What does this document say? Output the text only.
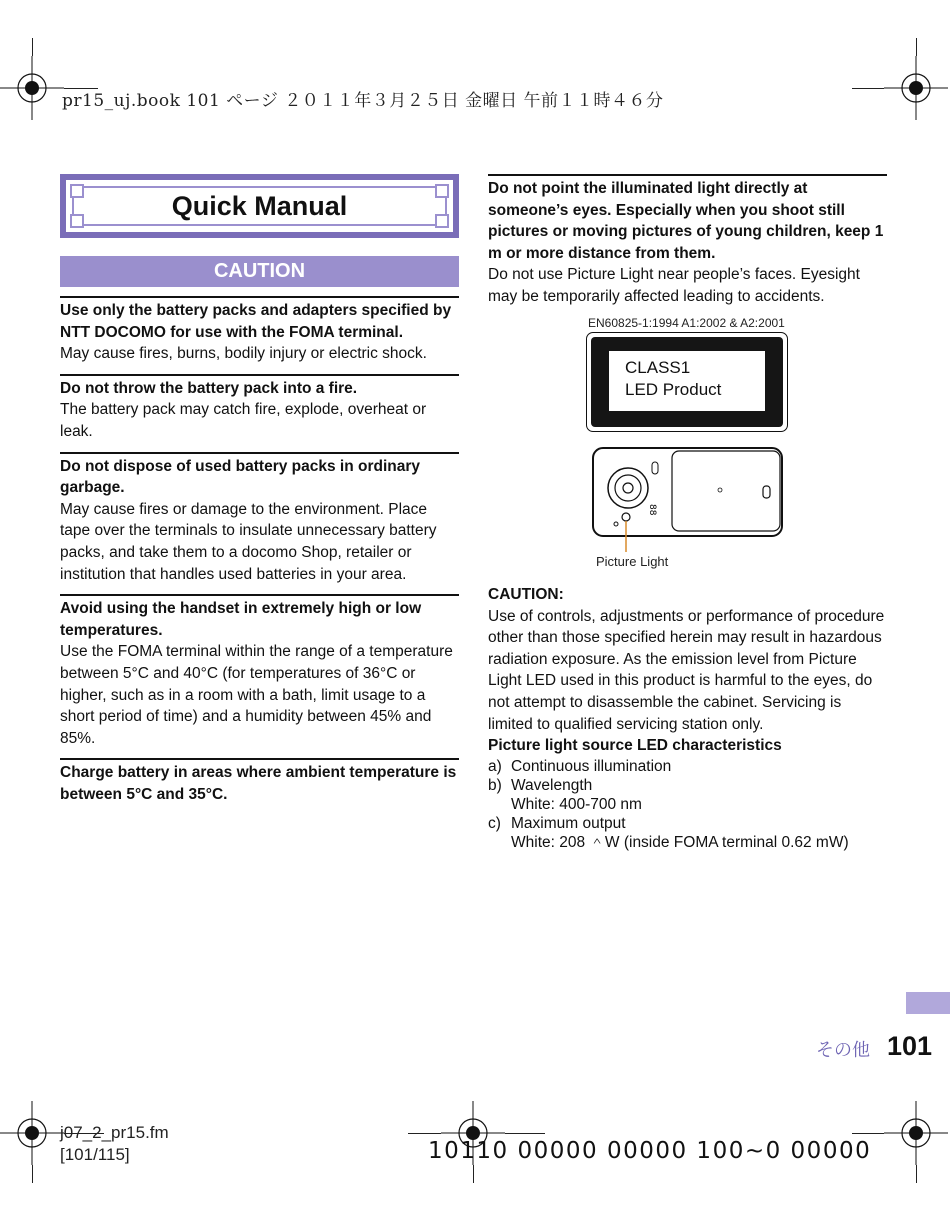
pr15_uj.book 101 ページ ２０１１年３月２５日 金曜日 午前１１時４６分
Quick Manual
CAUTION
Use only the battery packs and adapters specified by NTT DOCOMO for use with the FOMA terminal.
May cause fires, burns, bodily injury or electric shock.
Do not throw the battery pack into a fire.
The battery pack may catch fire, explode, overheat or leak.
Do not dispose of used battery packs in ordinary garbage.
May cause fires or damage to the environment. Place tape over the terminals to insulate unnecessary battery packs, and take them to a docomo Shop, retailer or institution that handles used batteries in your area.
Avoid using the handset in extremely high or low temperatures.
Use the FOMA terminal within the range of a temperature between 5°C and 40°C (for temperatures of 36°C or higher, such as in a room with a bath, limit usage to a short period of time) and a humidity between 45% and 85%.
Charge battery in areas where ambient temperature is between 5°C and 35°C.
Do not point the illuminated light directly at someone’s eyes. Especially when you shoot still pictures or moving pictures of young children, keep 1 m or more distance from them.
Do not use Picture Light near people’s faces. Eyesight may be temporarily affected leading to accidents.
EN60825-1:1994 A1:2002 & A2:2001
CLASS1
LED Product
88
Picture Light
CAUTION:
Use of controls, adjustments or performance of procedure other than those specified herein may result in hazardous radiation exposure. As the emission level from Picture Light LED used in this product is harmful to the eyes, do not attempt to disassemble the cabinet. Servicing is limited to qualified servicing station only.
Picture light source LED characteristics
a) Continuous illumination
b) Wavelength
White: 400-700 nm
c) Maximum output
White: 208 ＾W (inside FOMA terminal 0.62 mW)
その他 101
j07_2_pr15.fm
[101/115]	10110 00000 00000 100~0 00000
